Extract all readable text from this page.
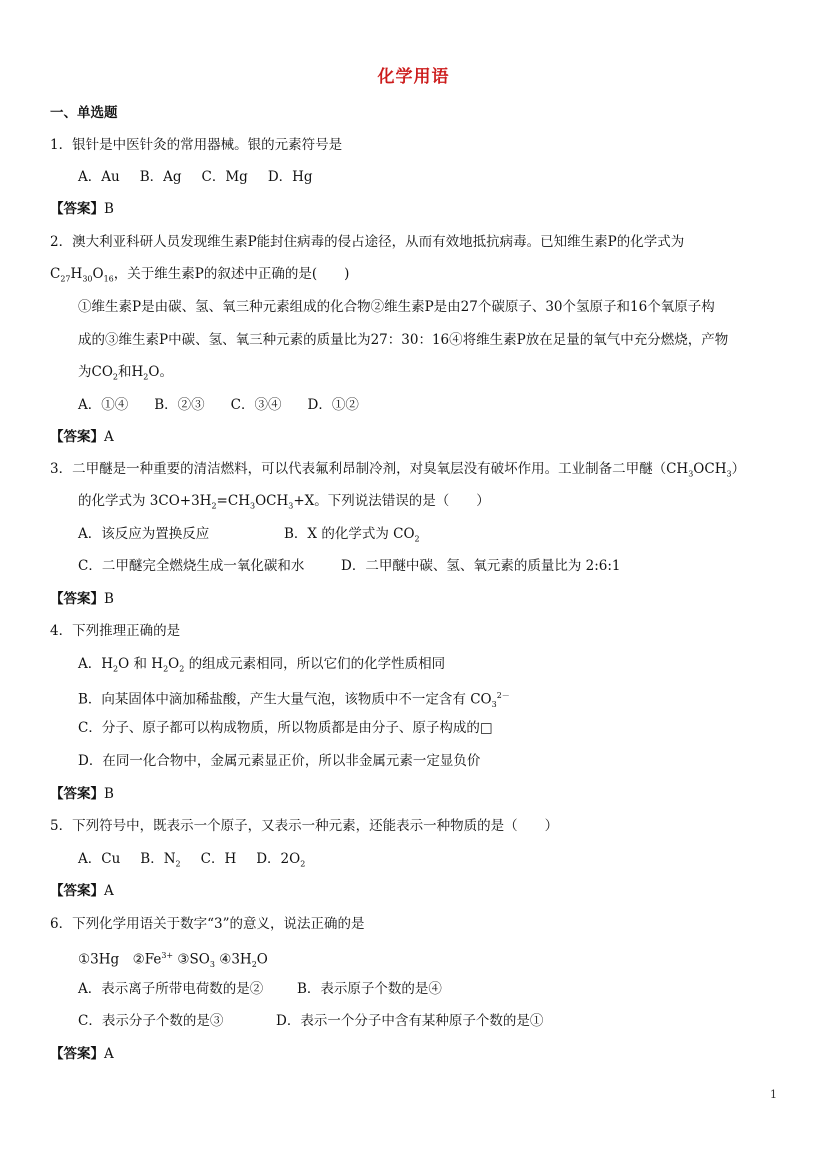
化学用语
一、单选题
1．银针是中医针灸的常用器械。银的元素符号是
A．Au B．Ag C．Mg D．Hg
【答案】B
2．澳大利亚科研人员发现维生素P能封住病毒的侵占途径，从而有效地抵抗病毒。已知维生素P的化学式为
$C_{27}H_{30}O_{16}$，关于维生素P的叙述中正确的是(　　)
①维生素P是由碳、氢、氧三种元素组成的化合物②维生素P是由27个碳原子、30个氢原子和16个氧原子构
成的③维生素P中碳、氢、氧三种元素的质量比为27：30：16④将维生素P放在足量的氧气中充分燃烧，产物
为$CO_2$和$H_2O$。
A．①④ B．②③ C．③④ D．①②
【答案】A
3．二甲醚是一种重要的清洁燃料，可以代表氟利昂制冷剂，对臭氧层没有破坏作用。工业制备二甲醚$(CH_3OCH_3)$
的化学式为 $3CO+3H_2=CH_3OCH_3+X$。下列说法错误的是（　　）
A．该反应为置换反应	B．X 的化学式为 $CO_2$
C．二甲醚完全燃烧生成一氧化碳和水	D．二甲醚中碳、氢、氧元素的质量比为 2:6:1
【答案】B
4．下列推理正确的是
A．$H_2O$ 和 $H_2O_2$ 的组成元素相同，所以它们的化学性质相同
B．向某固体中滴加稀盐酸，产生大量气泡，该物质中不一定含有 $CO_3^{2-}$
C．分子、原子都可以构成物质，所以物质都是由分子、原子构成的□
D．在同一化合物中，金属元素显正价，所以非金属元素一定显负价
【答案】B
5．下列符号中，既表示一个原子，又表示一种元素，还能表示一种物质的是（　　）
A．Cu B．$N_2$ C．H D．$2O_2$
【答案】A
6．下列化学用语关于数字“3”的意义，说法正确的是
①3Hg　$②Fe^{3+}$ $③SO_3$ $④3H_2O$
A．表示离子所带电荷数的是②	B．表示原子个数的是④
C．表示分子个数的是③	D．表示一个分子中含有某种原子个数的是①
【答案】A
1
